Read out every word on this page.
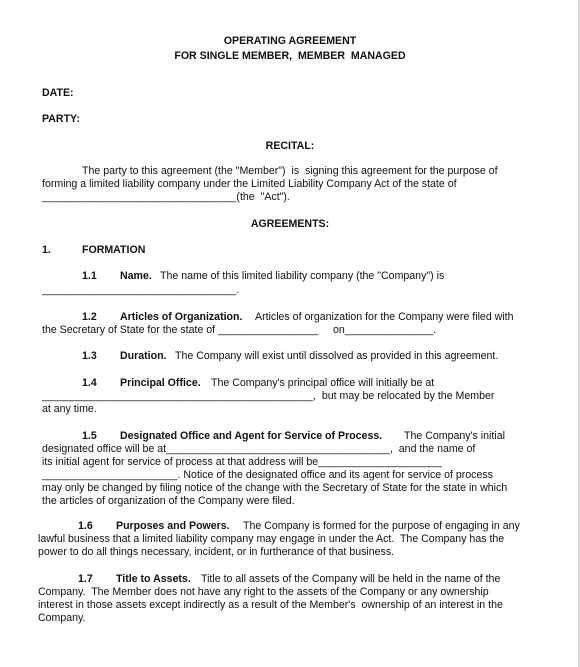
OPERATING AGREEMENT
FOR SINGLE MEMBER,  MEMBER  MANAGED
DATE:
PARTY:
RECITAL:
The party to this agreement (the "Member")  is  signing this agreement for the purpose of
forming a limited liability company under the Limited Liability Company Act of the state of
_________________________________(the  "Act").
AGREEMENTS:
1.	FORMATION
1.1 Name. The name of this limited liability company (the "Company") is
_________________________________.
1.2 Articles of Organization. Articles of organization for the Company were filed with
the Secretary of State for the state of _________________     on_______________.
1.3 Duration. The Company will exist until dissolved as provided in this agreement.
1.4 Principal Office. The Company's principal office will initially be at
______________________________________________,  but may be relocated by the Member
at any time.
1.5 Designated Office and Agent for Service of Process. The Company's initial
designated office will be at______________________________________,  and the name of
its initial agent for service of process at that address will be_____________________
_______________________. Notice of the designated office and its agent for service of process
may only be changed by filing notice of the change with the Secretary of State for the state in which
the articles of organization of the Company were filed.
1.6 Purposes and Powers. The Company is formed for the purpose of engaging in any
lawful business that a limited liability company may engage in under the Act.  The Company has the
power to do all things necessary, incident, or in furtherance of that business.
1.7 Title to Assets. Title to all assets of the Company will be held in the name of the
Company.  The Member does not have any right to the assets of the Company or any ownership
interest in those assets except indirectly as a result of the Member's  ownership of an interest in the
Company.
